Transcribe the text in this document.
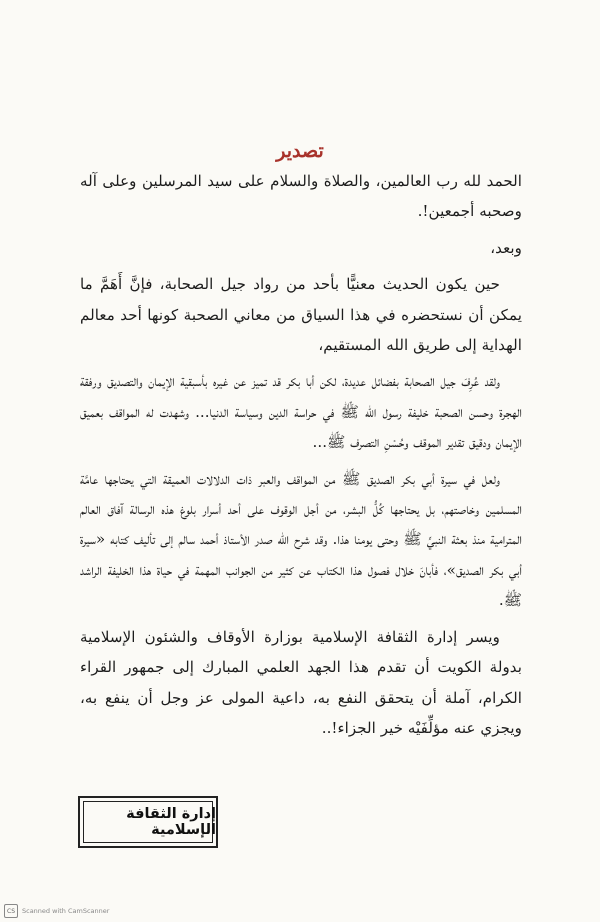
تصدير

الحمد لله رب العالمين، والصلاة والسلام على سيد المرسلين وعلى آله وصحبه أجمعين!.

وبعد،

حين يكون الحديث معنيًّا بأحد من رواد جيل الصحابة، فإنَّ أَهَمَّ ما يمكن أن نستحضره في هذا السياق من معاني الصحبة كونها أحد معالم الهداية إلى طريق الله المستقيم،

ولقد عُرِفَ جيل الصحابة بفضائل عديدة، لكن أبا بكر قد تميز عن غيره بأسبقية الإيمان والتصديق ورفقة الهجرة وحسن الصحبة خليفة رسول الله ﷺ في حراسة الدين وسياسة الدنيا... وشهدت له المواقف بعميق الإيمان ودقيق تقدير الموقف وحُسْنِ التصرف ﷺ...

ولعل في سيرة أبي بكر الصديق ﷺ من المواقف والعبر ذات الدلالات العميقة التي يحتاجها عامَّة المسلمين وخاصتهم، بل يحتاجها كُلُّ البشر، من أجل الوقوف على أحد أسرار بلوغ هذه الرسالة آفاق العالم المترامية منذ بعثة النبيِّ ﷺ وحتى يومنا هذا. وقد شرح الله صدر الأستاذ أحمد سالم إلى تأليف كتابه «سيرة أبي بكر الصديق»، فأبانَ خلال فصول هذا الكتاب عن كثير من الجوانب المهمة في حياة هذا الخليفة الراشد ﷺ.

ويسر إدارة الثقافة الإسلامية بوزارة الأوقاف والشئون الإسلامية بدولة الكويت أن تقدم هذا الجهد العلمي المبارك إلى جمهور القراء الكرام، آملة أن يتحقق النفع به، داعية المولى عز وجل أن ينفع به، ويجزي عنه مؤلِّفَيْه خير الجزاء!..

إدارة الثقافة الإسلامية
CS	Scanned with CamScanner
